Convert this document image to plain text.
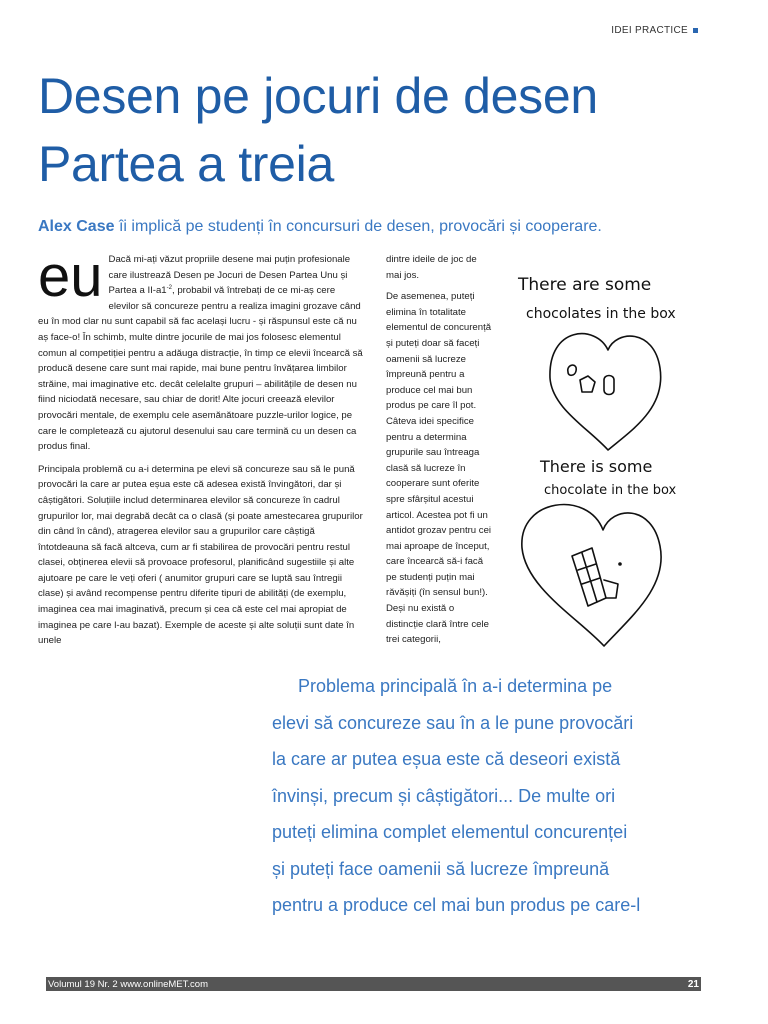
IDEI PRACTICE
Desen pe jocuri de desen
Partea a treia
Alex Case îi implică pe studenți în concursuri de desen, provocări și cooperare.
eu Dacă mi-ați văzut propriile desene mai puțin profesionale care ilustrează Desen pe Jocuri de Desen Partea Unu și Partea a $II-a1^{-2}$, probabil vă întrebați de ce mi-aș cere elevilor să concureze pentru a realiza imagini grozave când eu în mod clar nu sunt capabil să fac același lucru - și răspunsul este că nu aș face-o! În schimb, multe dintre jocurile de mai jos folosesc elementul comun al competiției pentru a adăuga distracție, în timp ce elevii încearcă să producă desene care sunt mai rapide, mai bune pentru învățarea limbilor străine, mai imaginative etc. decât celelalte grupuri – abilitățile de desen nu fiind niciodată necesare, sau chiar de dorit! Alte jocuri creează elevilor provocări mentale, de exemplu cele asemănătoare puzzle-urilor logice, pe care le completează cu ajutorul desenului sau care termină cu un desen ca produs final.

Principala problemă cu a-i determina pe elevi să concureze sau să le pună provocări la care ar putea eșua este că adesea există învingători, dar și câștigători. Soluțiile includ determinarea elevilor să concureze în cadrul grupurilor lor, mai degrabă decât ca o clasă (și poate amestecarea grupurilor din când în când), atragerea elevilor sau a grupurilor care câștigă întotdeauna să facă altceva, cum ar fi stabilirea de provocări pentru restul clasei, obținerea elevii să provoace profesorul, planificând sugestiile și alte ajutoare pe care le veți oferi ( anumitor grupuri care se luptă sau întregii clase) și având recompense pentru diferite tipuri de abilități (de exemplu, imaginea cea mai imaginativă, precum și cea că este cel mai apropiat de imaginea pe care l-au bazat). Exemple de aceste și alte soluții sunt date în unele

dintre ideile de joc de mai jos.

De asemenea, puteți elimina în totalitate elementul de concurență și puteți doar să faceți oamenii să lucreze împreună pentru a produce cel mai bun produs pe care îl pot. Câteva idei specifice pentru a determina grupurile sau întreaga clasă să lucreze în cooperare sunt oferite spre sfârșitul acestui articol. Acestea pot fi un antidot grozav pentru cei mai aproape de început, care încearcă să-i facă pe studenți puțin mai răvășiți (în sensul bun!). Deși nu există o distincție clară între cele trei categorii,

There are some
chocolates in the box
There is some
chocolate in the box
Problema principală în a-i determina pe
elevi să concureze sau în a le pune provocări
la care ar putea eșua este că deseori există
învinși, precum și câștigători... De multe ori
puteți elimina complet elementul concurenței
și puteți face oamenii să lucreze împreună
pentru a produce cel mai bun produs pe care-l
Volumul 19 Nr. 2 www.onlineMET.com	21
